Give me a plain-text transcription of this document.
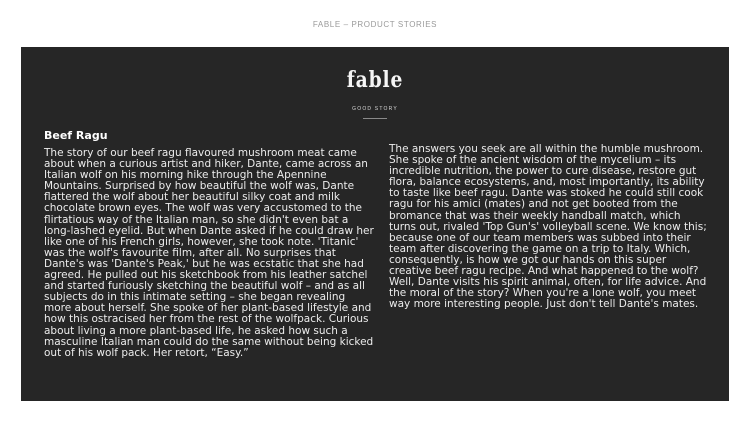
FABLE – PRODUCT STORIES
fable
GOOD STORY
Beef Ragu
The story of our beef ragu flavoured mushroom meat came about when a curious artist and hiker, Dante, came across an Italian wolf on his morning hike through the Apennine Mountains. Surprised by how beautiful the wolf was, Dante flattered the wolf about her beautiful silky coat and milk chocolate brown eyes. The wolf was very accustomed to the flirtatious way of the Italian man, so she didn't even bat a long-lashed eyelid. But when Dante asked if he could draw her like one of his French girls, however, she took note. 'Titanic' was the wolf's favourite film, after all. No surprises that Dante's was 'Dante's Peak,' but he was ecstatic that she had agreed. He pulled out his sketchbook from his leather satchel and started furiously sketching the beautiful wolf – and as all subjects do in this intimate setting – she began revealing more about herself. She spoke of her plant-based lifestyle and how this ostracised her from the rest of the wolfpack. Curious about living a more plant-based life, he asked how such a masculine Italian man could do the same without being kicked out of his wolf pack. Her retort, “Easy.”
The answers you seek are all within the humble mushroom. She spoke of the ancient wisdom of the mycelium – its incredible nutrition, the power to cure disease, restore gut flora, balance ecosystems, and, most importantly, its ability to taste like beef ragu. Dante was stoked he could still cook ragu for his amici (mates) and not get booted from the bromance that was their weekly handball match, which turns out, rivaled 'Top Gun's' volleyball scene. We know this; because one of our team members was subbed into their team after discovering the game on a trip to Italy. Which, consequently, is how we got our hands on this super creative beef ragu recipe. And what happened to the wolf? Well, Dante visits his spirit animal, often, for life advice. And the moral of the story? When you're a lone wolf, you meet way more interesting people. Just don't tell Dante's mates.
